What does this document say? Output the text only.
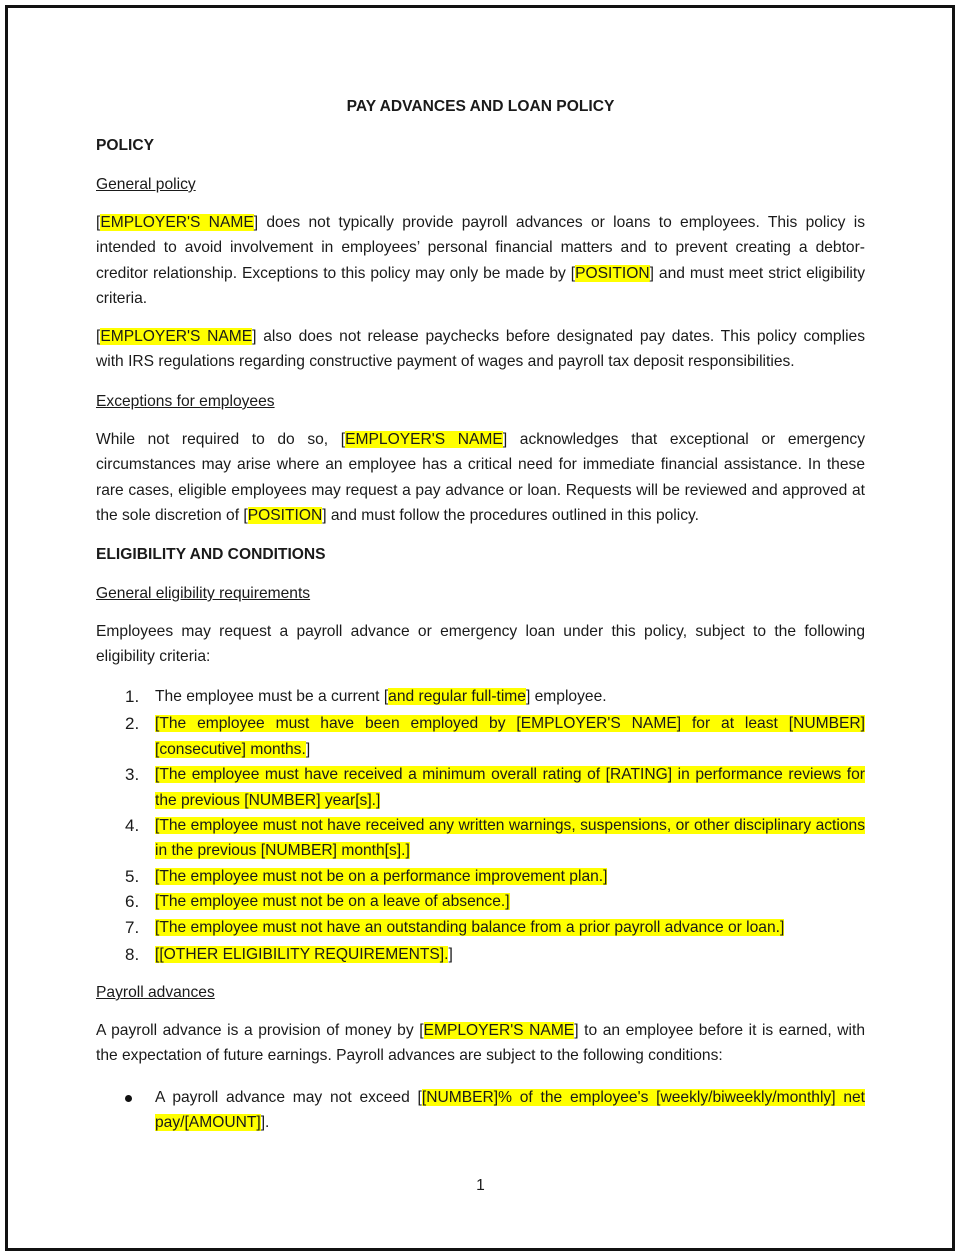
PAY ADVANCES AND LOAN POLICY
POLICY
General policy
[EMPLOYER'S NAME] does not typically provide payroll advances or loans to employees. This policy is intended to avoid involvement in employees’ personal financial matters and to prevent creating a debtor-creditor relationship. Exceptions to this policy may only be made by [POSITION] and must meet strict eligibility criteria.
[EMPLOYER'S NAME] also does not release paychecks before designated pay dates. This policy complies with IRS regulations regarding constructive payment of wages and payroll tax deposit responsibilities.
Exceptions for employees
While not required to do so, [EMPLOYER'S NAME] acknowledges that exceptional or emergency circumstances may arise where an employee has a critical need for immediate financial assistance. In these rare cases, eligible employees may request a pay advance or loan. Requests will be reviewed and approved at the sole discretion of [POSITION] and must follow the procedures outlined in this policy.
ELIGIBILITY AND CONDITIONS
General eligibility requirements
Employees may request a payroll advance or emergency loan under this policy, subject to the following eligibility criteria:
1. The employee must be a current [and regular full-time] employee.
2. [The employee must have been employed by [EMPLOYER'S NAME] for at least [NUMBER] [consecutive] months.]
3. [The employee must have received a minimum overall rating of [RATING] in performance reviews for the previous [NUMBER] year[s].]
4. [The employee must not have received any written warnings, suspensions, or other disciplinary actions in the previous [NUMBER] month[s].]
5. [The employee must not be on a performance improvement plan.]
6. [The employee must not be on a leave of absence.]
7. [The employee must not have an outstanding balance from a prior payroll advance or loan.]
8. [[OTHER ELIGIBILITY REQUIREMENTS].]
Payroll advances
A payroll advance is a provision of money by [EMPLOYER'S NAME] to an employee before it is earned, with the expectation of future earnings. Payroll advances are subject to the following conditions:
A payroll advance may not exceed [[NUMBER]% of the employee's [weekly/biweekly/monthly] net pay/[AMOUNT]].
1
